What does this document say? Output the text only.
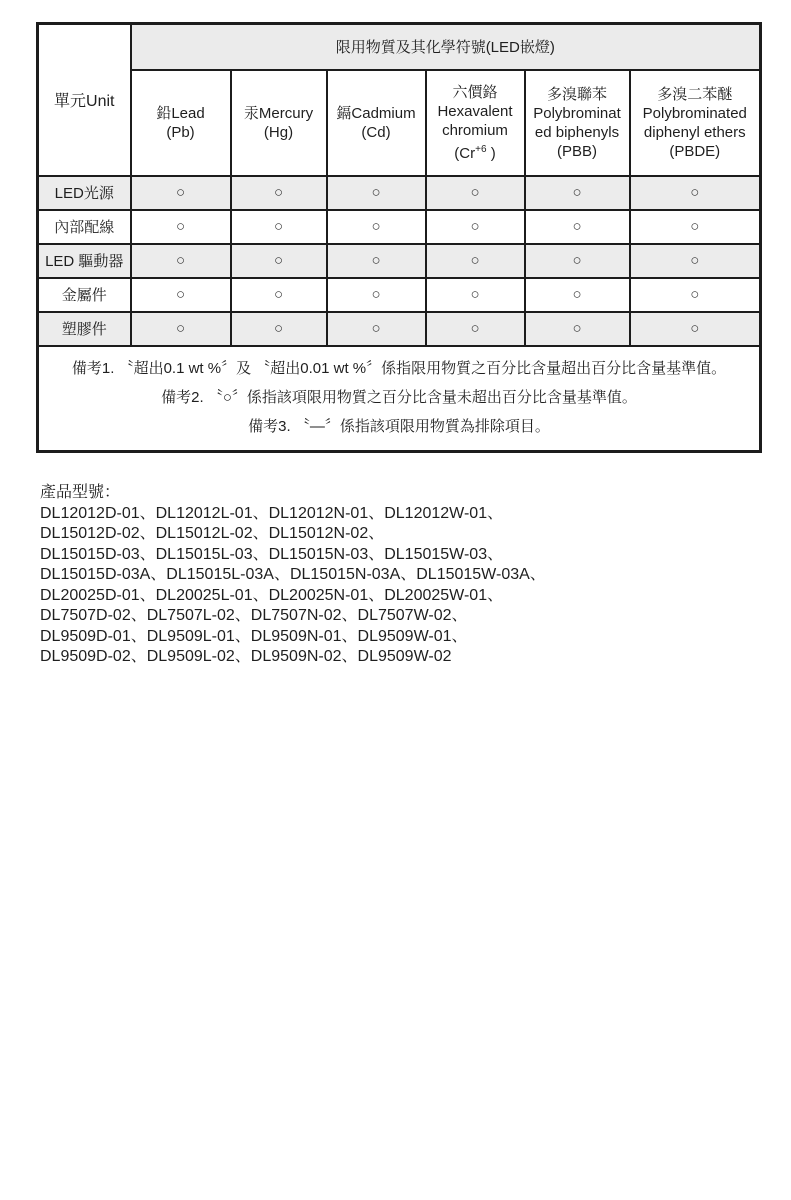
單元Unit	限用物質及其化學符號(LED嵌燈)					

鉛Lead
(Pb)

汞Mercury
(Hg)

鎘Cadmium
(Cd)

六價鉻
Hexavalent
chromium
($Cr^{+6}$ )

多溴聯苯
Polybrominat
ed biphenyls
(PBB)

多溴二苯醚
Polybrominated
diphenyl ethers
(PBDE)

LED光源	○	○	○	○	○	○
內部配線	○	○	○	○	○	○
LED 驅動器	○	○	○	○	○	○
金屬件	○	○	○	○	○	○
塑膠件	○	○	○	○	○	○

備考1. 〝超出0.1 wt %〞及 〝超出0.01 wt %〞係指限用物質之百分比含量超出百分比含量基準值。
備考2. 〝○〞係指該項限用物質之百分比含量未超出百分比含量基準值。
備考3. 〝—〞係指該項限用物質為排除項目。						
產品型號：
DL12012D-01、DL12012L-01、DL12012N-01、DL12012W-01、
DL15012D-02、DL15012L-02、DL15012N-02、
DL15015D-03、DL15015L-03、DL15015N-03、DL15015W-03、
DL15015D-03A、DL15015L-03A、DL15015N-03A、DL15015W-03A、
DL20025D-01、DL20025L-01、DL20025N-01、DL20025W-01、
DL7507D-02、DL7507L-02、DL7507N-02、DL7507W-02、
DL9509D-01、DL9509L-01、DL9509N-01、DL9509W-01、
DL9509D-02、DL9509L-02、DL9509N-02、DL9509W-02
